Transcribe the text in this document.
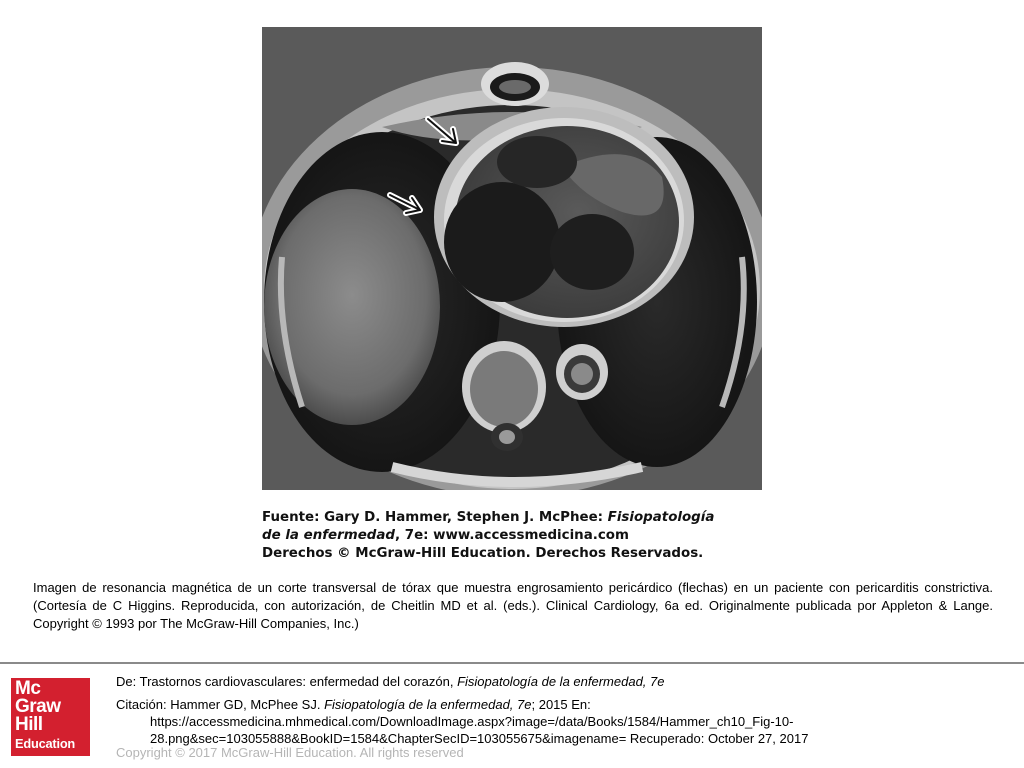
Fuente: Gary D. Hammer, Stephen J. McPhee: Fisiopatología
de la enfermedad, 7e: www.accessmedicina.com
Derechos © McGraw-Hill Education. Derechos Reservados.
Imagen de resonancia magnética de un corte transversal de tórax que muestra engrosamiento pericárdico (flechas) en un paciente con pericarditis constrictiva. (Cortesía de C Higgins. Reproducida, con autorización, de Cheitlin MD et al. (eds.). Clinical Cardiology, 6a ed. Originalmente publicada por Appleton & Lange. Copyright © 1993 por The McGraw-Hill Companies, Inc.)
Mc
Graw
Hill
Education
De: Trastornos cardiovasculares: enfermedad del corazón, Fisiopatología de la enfermedad, 7e
Citación: Hammer GD, McPhee SJ. Fisiopatología de la enfermedad, 7e; 2015 En:
https://accessmedicina.mhmedical.com/DownloadImage.aspx?image=/data/Books/1584/Hammer_ch10_Fig-10-
28.png&sec=103055888&BookID=1584&ChapterSecID=103055675&imagename= Recuperado: October 27, 2017
Copyright © 2017 McGraw-Hill Education. All rights reserved
